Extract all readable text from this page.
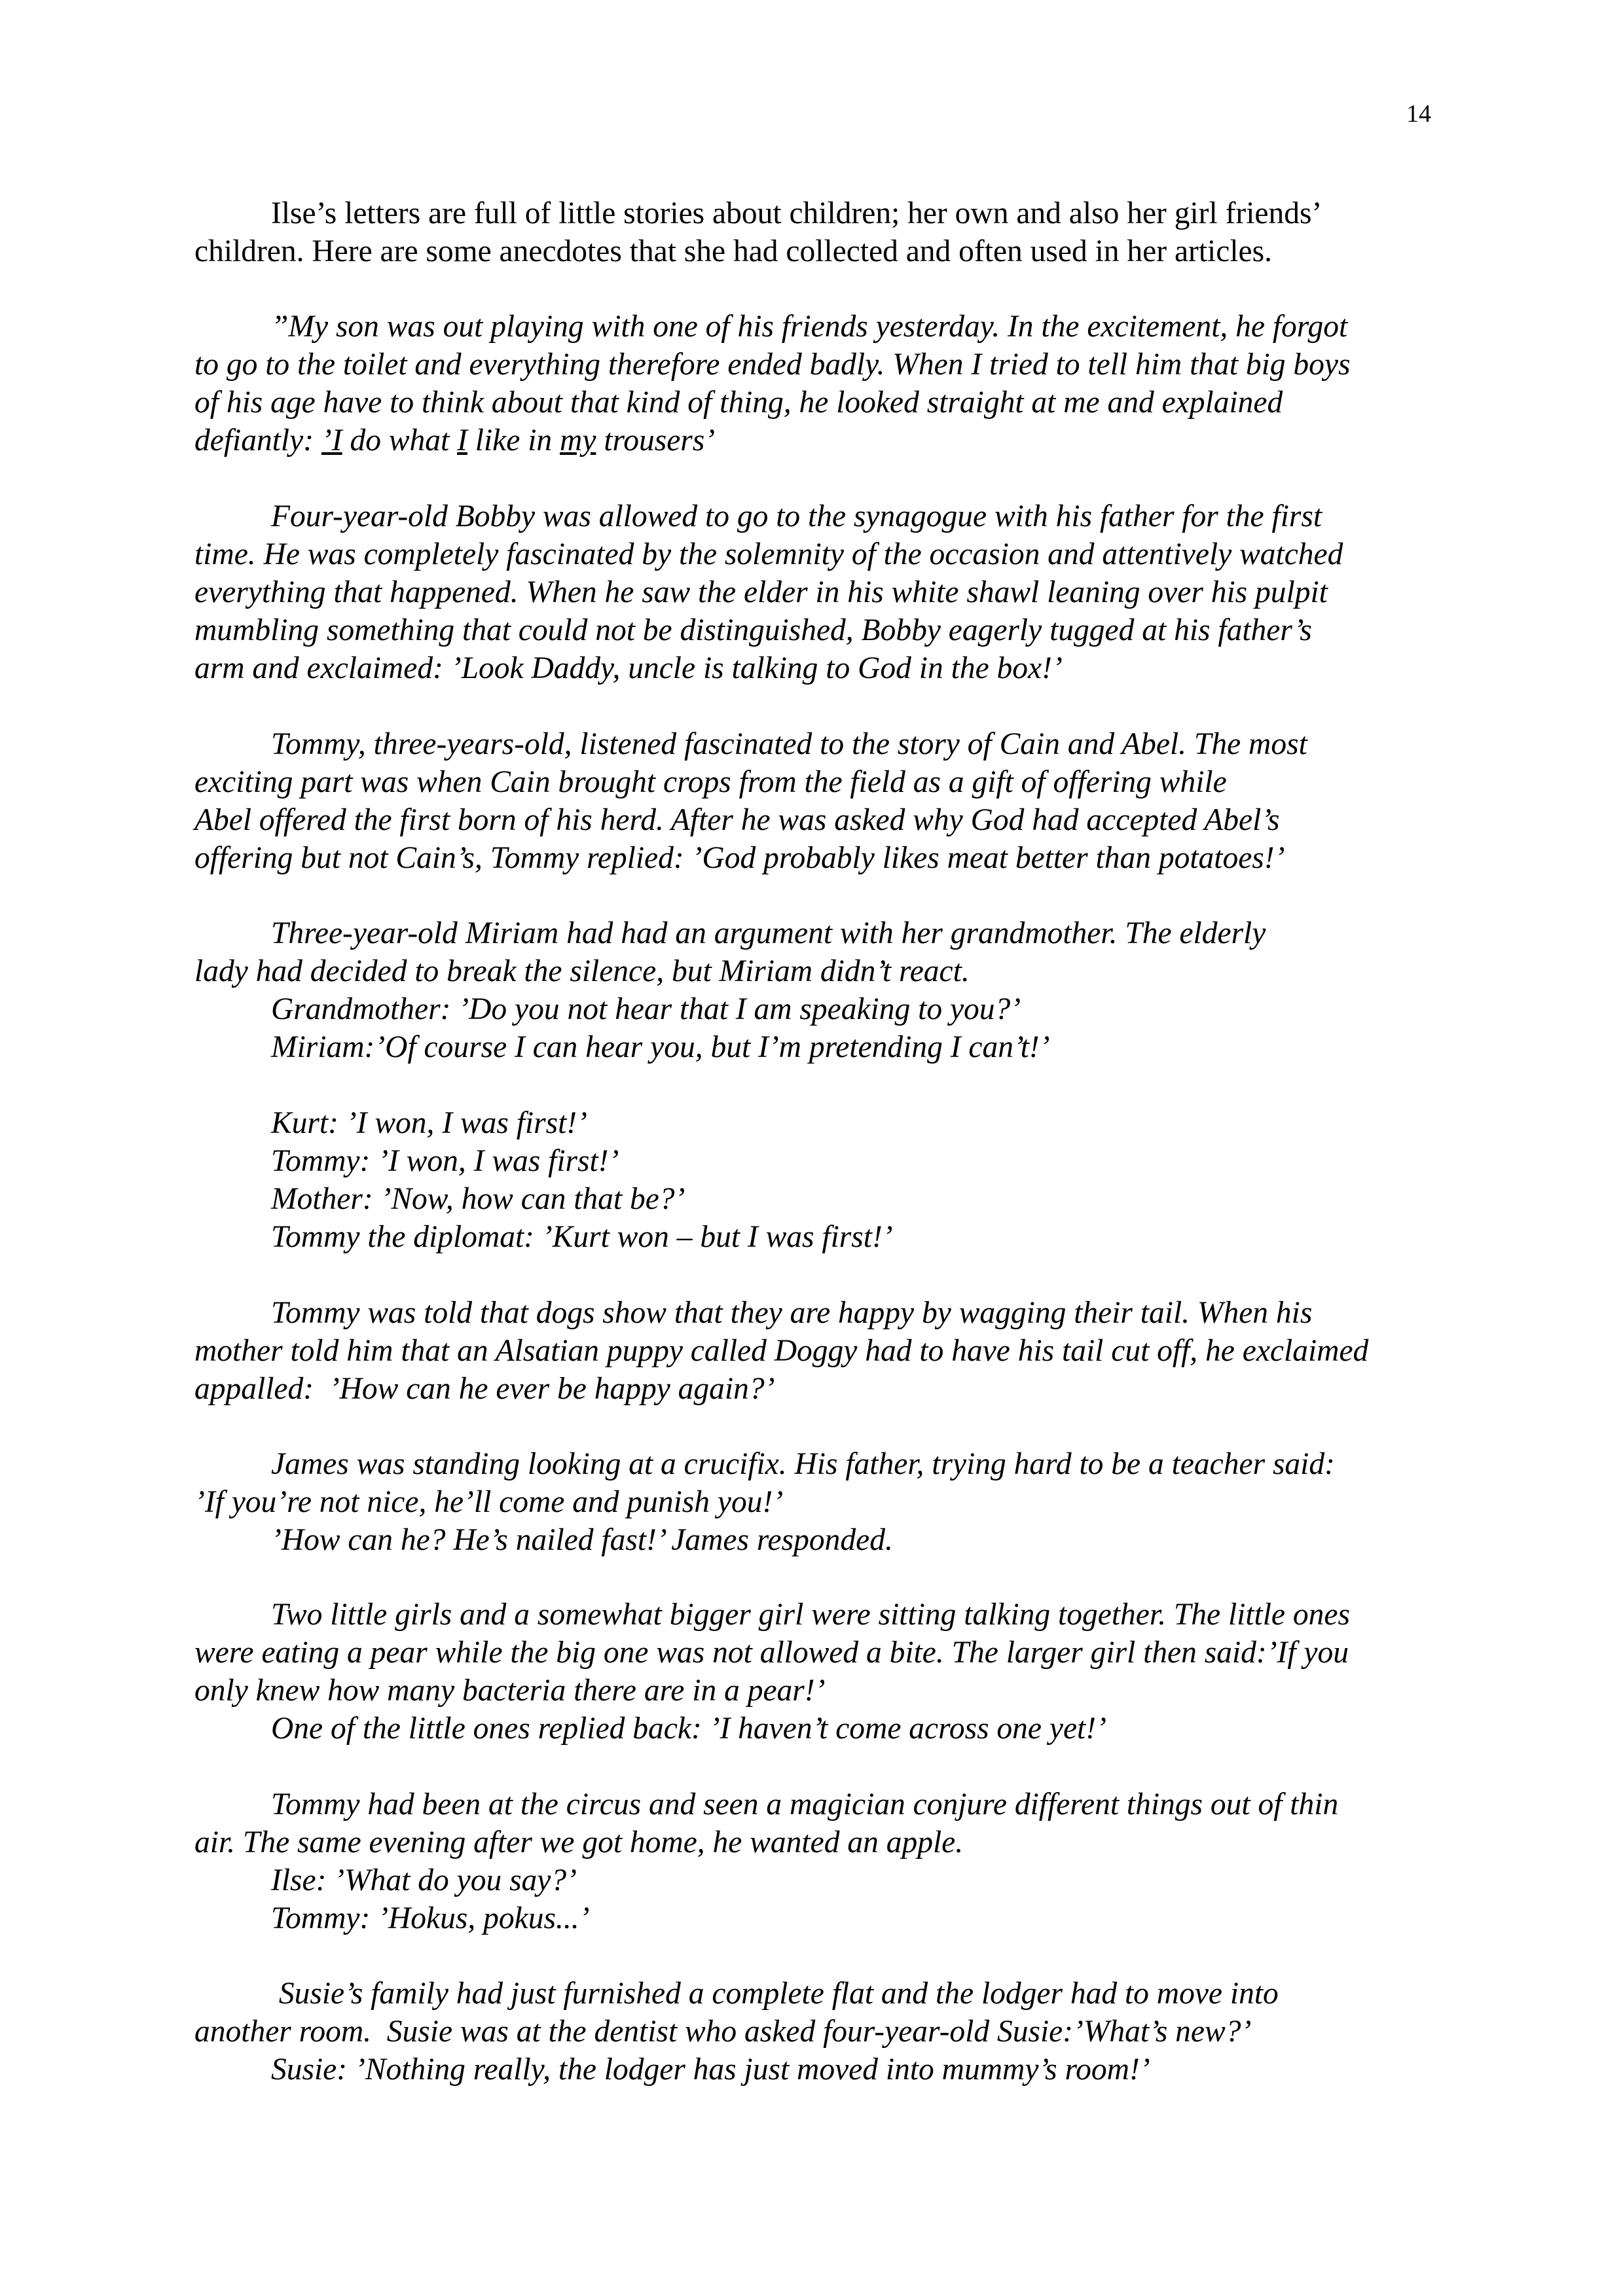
14
Ilse’s letters are full of little stories about children; her own and also her girl friends’
children. Here are some anecdotes that she had collected and often used in her articles.
”My son was out playing with one of his friends yesterday. In the excitement, he forgot
to go to the toilet and everything therefore ended badly. When I tried to tell him that big boys
of his age have to think about that kind of thing, he looked straight at me and explained
defiantly: ’I do what I like in my trousers’
Four-year-old Bobby was allowed to go to the synagogue with his father for the first
time. He was completely fascinated by the solemnity of the occasion and attentively watched
everything that happened. When he saw the elder in his white shawl leaning over his pulpit
mumbling something that could not be distinguished, Bobby eagerly tugged at his father’s
arm and exclaimed: ’Look Daddy, uncle is talking to God in the box!’
Tommy, three-years-old, listened fascinated to the story of Cain and Abel. The most
exciting part was when Cain brought crops from the field as a gift of offering while
Abel offered the first born of his herd. After he was asked why God had accepted Abel’s
offering but not Cain’s, Tommy replied: ’God probably likes meat better than potatoes!’
Three-year-old Miriam had had an argument with her grandmother. The elderly
lady had decided to break the silence, but Miriam didn’t react.
Grandmother: ’Do you not hear that I am speaking to you?’
Miriam:’Of course I can hear you, but I’m pretending I can’t!’
Kurt: ’I won, I was first!’
Tommy: ’I won, I was first!’
Mother: ’Now, how can that be?’
Tommy the diplomat: ’Kurt won – but I was first!’
Tommy was told that dogs show that they are happy by wagging their tail. When his
mother told him that an Alsatian puppy called Doggy had to have his tail cut off, he exclaimed
appalled:  ’How can he ever be happy again?’
James was standing looking at a crucifix. His father, trying hard to be a teacher said:
’If you’re not nice, he’ll come and punish you!’
’How can he? He’s nailed fast!’ James responded.
Two little girls and a somewhat bigger girl were sitting talking together. The little ones
were eating a pear while the big one was not allowed a bite. The larger girl then said:’If you
only knew how many bacteria there are in a pear!’
One of the little ones replied back: ’I haven’t come across one yet!’
Tommy had been at the circus and seen a magician conjure different things out of thin
air. The same evening after we got home, he wanted an apple.
Ilse: ’What do you say?’
Tommy: ’Hokus, pokus...’
Susie’s family had just furnished a complete flat and the lodger had to move into
another room.  Susie was at the dentist who asked four-year-old Susie:’What’s new?’
Susie: ’Nothing really, the lodger has just moved into mummy’s room!’
